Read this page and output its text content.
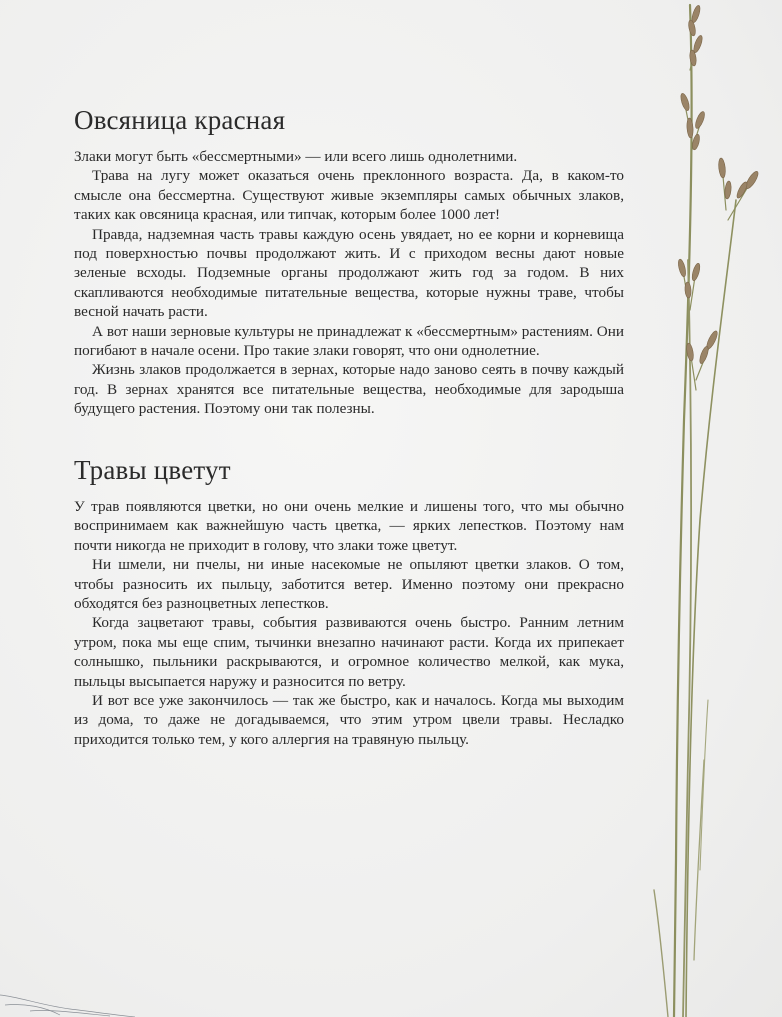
Овсяница красная

Злаки могут быть «бессмертными» — или всего лишь однолетними.

Трава на лугу может оказаться очень преклонного возраста. Да, в каком-то смысле она бессмертна. Существуют живые экземпляры самых обычных злаков, таких как овсяница красная, или типчак, которым более 1000 лет!

Правда, надземная часть травы каждую осень увядает, но ее корни и корневища под поверхностью почвы продолжают жить. И с приходом весны дают новые зеленые всходы. Подземные органы продолжают жить год за годом. В них скапливаются необходимые питательные вещества, которые нужны траве, чтобы весной начать расти.

А вот наши зерновые культуры не принадлежат к «бессмертным» растениям. Они погибают в начале осени. Про такие злаки говорят, что они однолетние.

Жизнь злаков продолжается в зернах, которые надо заново сеять в почву каждый год. В зернах хранятся все питательные вещества, необходимые для зародыша будущего растения. Поэтому они так полезны.

Травы цветут

У трав появляются цветки, но они очень мелкие и лишены того, что мы обычно воспринимаем как важнейшую часть цветка, — ярких лепестков. Поэтому нам почти никогда не приходит в голову, что злаки тоже цветут.

Ни шмели, ни пчелы, ни иные насекомые не опыляют цветки злаков. О том, чтобы разносить их пыльцу, заботится ветер. Именно поэтому они прекрасно обходятся без разноцветных лепестков.

Когда зацветают травы, события развиваются очень быстро. Ранним летним утром, пока мы еще спим, тычинки внезапно начинают расти. Когда их припекает солнышко, пыльники раскрываются, и огромное количество мелкой, как мука, пыльцы высыпается наружу и разносится по ветру.

И вот все уже закончилось — так же быстро, как и началось. Когда мы выходим из дома, то даже не догадываемся, что этим утром цвели травы. Несладко приходится только тем, у кого аллергия на травяную пыльцу.
